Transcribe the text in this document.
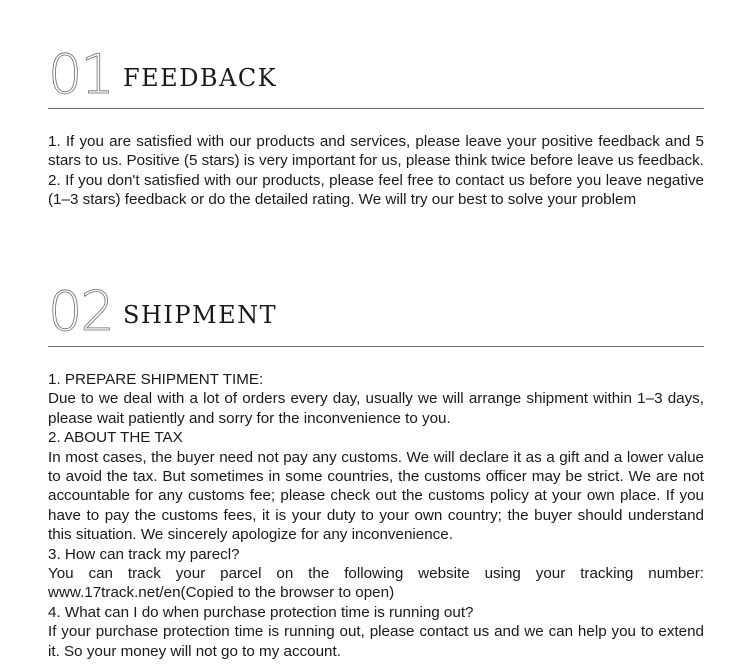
01 FEEDBACK

1. If you are satisfied with our products and services, please leave your positive feedback and 5 stars to us. Positive (5 stars) is very important for us, please think twice before leave us feedback.

2. If you don't satisfied with our products, please feel free to contact us before you leave negative (1–3 stars) feedback or do the detailed rating. We will try our best to solve your problem

02 SHIPMENT

1. PREPARE SHIPMENT TIME:

Due to we deal with a lot of orders every day, usually we will arrange shipment within 1–3 days, please wait patiently and sorry for the inconvenience to you.

2. ABOUT THE TAX

In most cases, the buyer need not pay any customs. We will declare it as a gift and a lower value to avoid the tax. But sometimes in some countries, the customs officer may be strict. We are not accountable for any customs fee; please check out the customs policy at your own place. If you have to pay the customs fees, it is your duty to your own country; the buyer should understand this situation. We sincerely apologize for any inconvenience.

3. How can track my parecl?

You can track your parcel on the following website using your tracking number: www.17track.net/en(Copied to the browser to open)

4. What can I do when purchase protection time is running out?

If your purchase protection time is running out, please contact us and we can help you to extend it. So your money will not go to my account.
